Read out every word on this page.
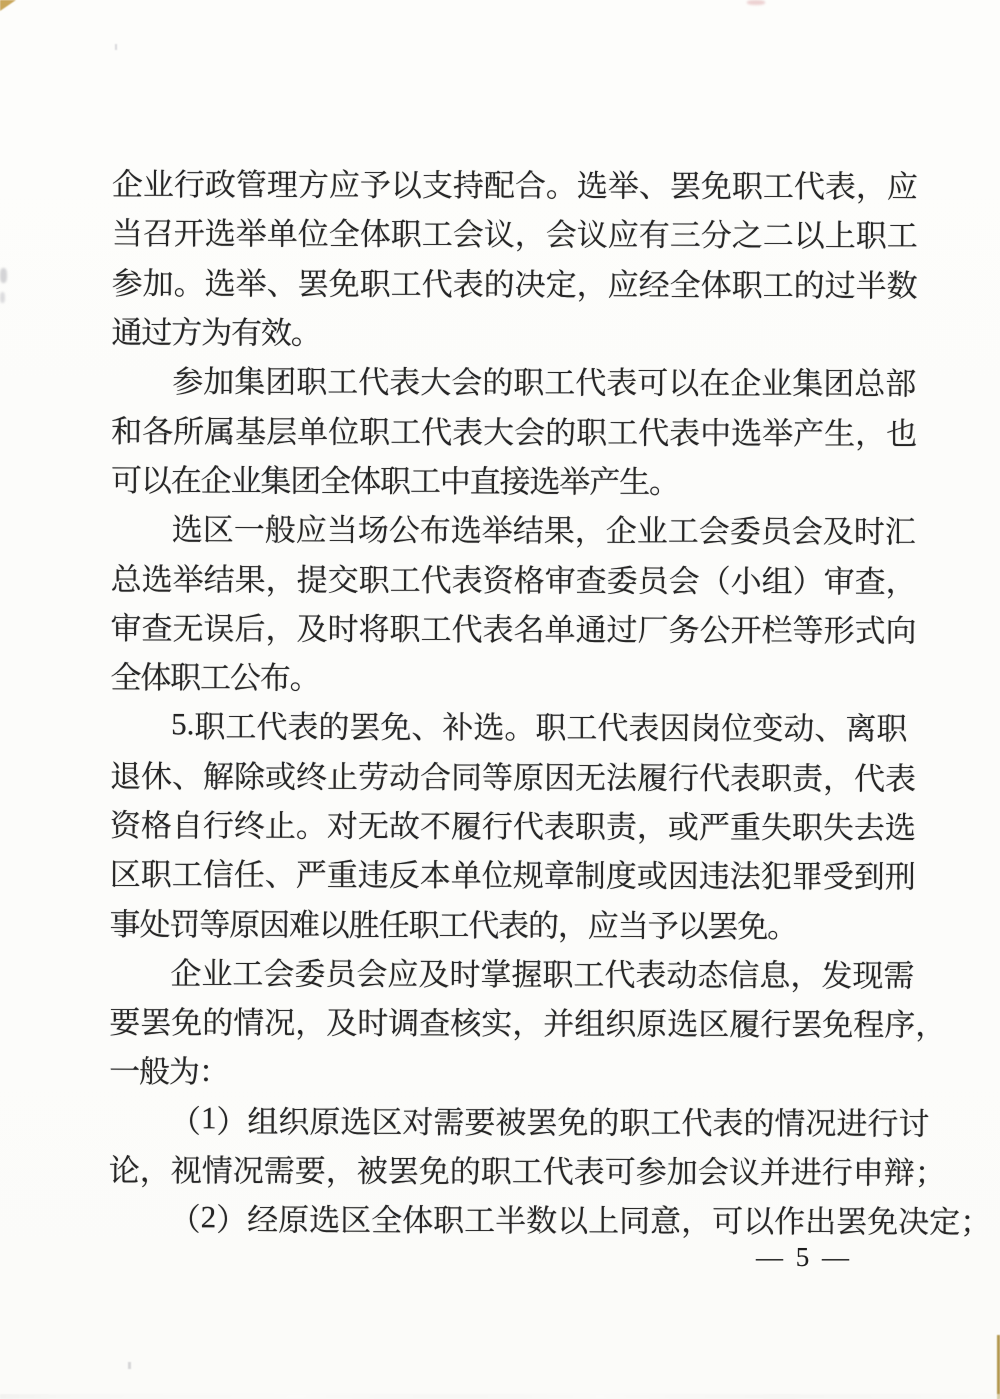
企 业 行 政 管 理 方 应 予 以 支 持 配 合 。 选 举 、 罢 免 职 工 代 表 ， 应
当 召 开 选 举 单 位 全 体 职 工 会 议 ， 会 议 应 有 三 分 之 二 以 上 职 工
参 加 。 选 举 、 罢 免 职 工 代 表 的 决 定 ， 应 经 全 体 职 工 的 过 半 数
通
过
方
为
有
效
。
参 加 集 团 职 工 代 表 大 会 的 职 工 代 表 可 以 在 企 业 集 团 总 部
和 各 所 属 基 层 单 位 职 工 代 表 大 会 的 职 工 代 表 中 选 举 产 生 ， 也
可
以
在
企
业
集
团
全
体
职
工
中
直
接
选
举
产
生
。
选 区 一 般 应 当 场 公 布 选 举 结 果 ， 企 业 工 会 委 员 会 及 时 汇
总 选 举 结 果 ， 提 交 职 工 代 表 资 格 审 查 委 员 会 （ 小 组 ） 审 查 ，
审 查 无 误 后 ， 及 时 将 职 工 代 表 名 单 通 过 厂 务 公 开 栏 等 形 式 向
全
体
职
工
公
布
。
5 . 职 工 代 表 的 罢 免 、 补 选 。 职 工 代 表 因 岗 位 变 动 、 离 职
退 休 、 解 除 或 终 止 劳 动 合 同 等 原 因 无 法 履 行 代 表 职 责 ， 代 表
资 格 自 行 终 止 。 对 无 故 不 履 行 代 表 职 责 ， 或 严 重 失 职 失 去 选
区 职 工 信 任 、 严 重 违 反 本 单 位 规 章 制 度 或 因 违 法 犯 罪 受 到 刑
事
处
罚
等
原
因
难
以
胜
任
职
工
代
表
的
，
应
当
予
以
罢
免
。
企 业 工 会 委 员 会 应 及 时 掌 握 职 工 代 表 动 态 信 息 ， 发 现 需
要 罢 免 的 情 况 ， 及 时 调 查 核 实 ， 并 组 织 原 选 区 履 行 罢 免 程 序 ，
一
般
为
：
（ 1 ） 组 织 原 选 区 对 需 要 被 罢 免 的 职 工 代 表 的 情 况 进 行 讨
论 ， 视 情 况 需 要 ， 被 罢 免 的 职 工 代 表 可 参 加 会 议 并 进 行 申 辩 ；
（ 2 ） 经 原 选 区 全 体 职 工 半 数 以 上 同 意 ， 可 以 作 出 罢 免 决 定 ；
— 5 —
